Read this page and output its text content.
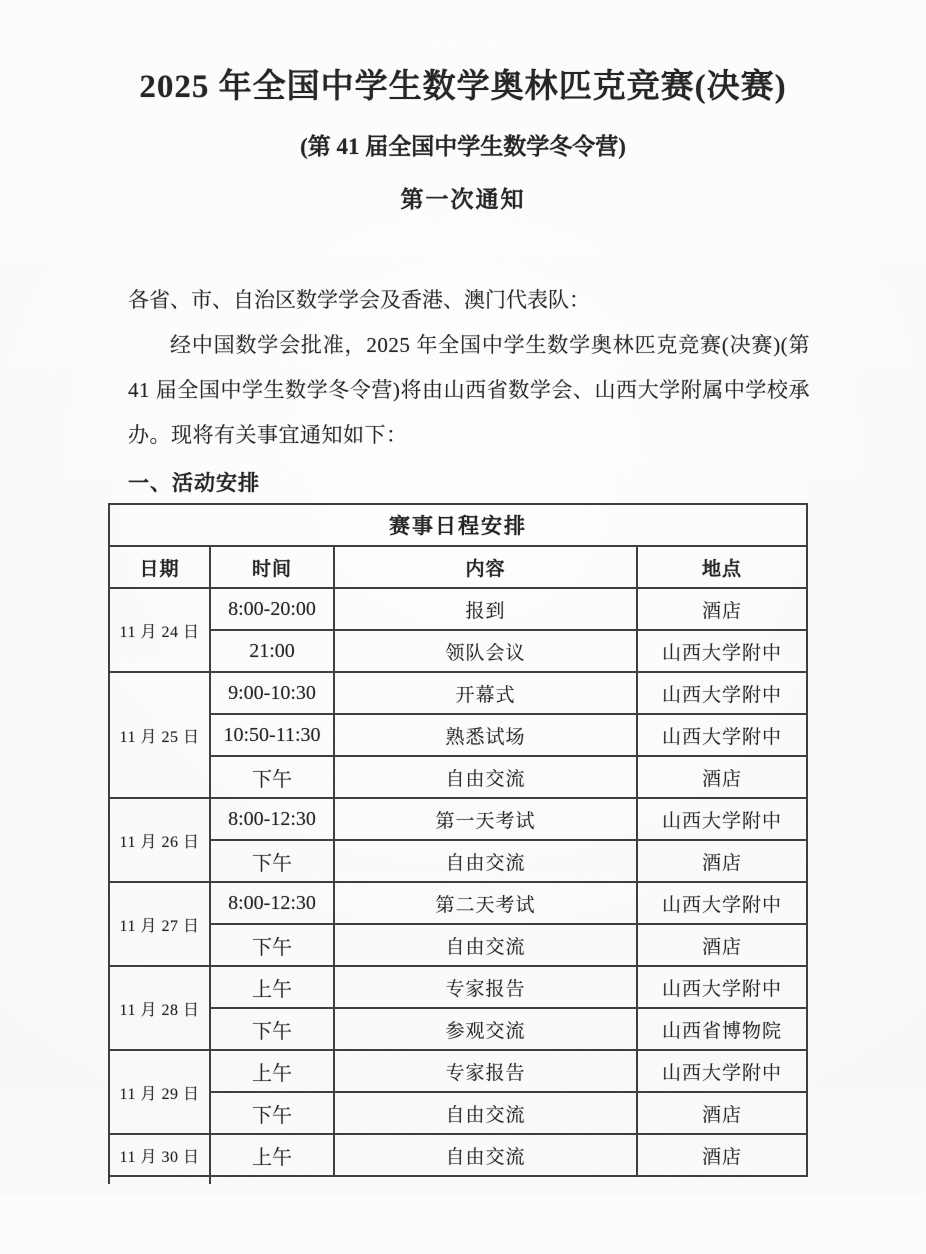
2025 年全国中学生数学奥林匹克竞赛(决赛)
(第 41 届全国中学生数学冬令营)
第一次通知

各省、市、自治区数学学会及香港、澳门代表队：

经中国数学会批准，2025 年全国中学生数学奥林匹克竞赛(决赛)(第 41 届全国中学生数学冬令营)将由山西省数学会、山西大学附属中学校承办。现将有关事宜通知如下：

一、活动安排
赛事日程安排			
日期	时间	内容	地点
11 月 24 日	8:00-20:00	报到	酒店
	21:00	领队会议	山西大学附中
11 月 25 日	9:00-10:30	开幕式	山西大学附中
	10:50-11:30	熟悉试场	山西大学附中
	下午	自由交流	酒店
11 月 26 日	8:00-12:30	第一天考试	山西大学附中
	下午	自由交流	酒店
11 月 27 日	8:00-12:30	第二天考试	山西大学附中
	下午	自由交流	酒店
11 月 28 日	上午	专家报告	山西大学附中
	下午	参观交流	山西省博物院
11 月 29 日	上午	专家报告	山西大学附中
	下午	自由交流	酒店
11 月 30 日	上午	自由交流	酒店
